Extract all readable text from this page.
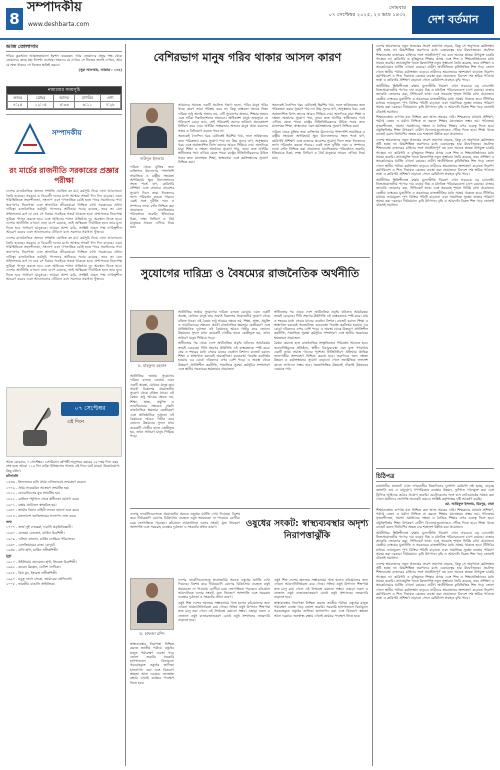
8
সম্পাদকীয়
www.deshbarta.com
সোমবার
০৭ সেপ্টেম্বর ২০২৫, ২৩ ভাদ্র ১৪৩২	দেশ বর্তমান
আজ তোলাসাম

পবিত্র কুরআনে আল্লাহতায়ালা ইরশাদ করেছেন, আর তোমাদের প্রভুর পক্ষ থেকে তোমাদের কাছে মহা নিদর্শন এসেছে। অতএব যে দেখবে সে নিজের জন্যই দেখবে, আর যে অন্ধ থাকবে সে নিজের ক্ষতিই করবে।

(সূরা আনআম, আয়াত : ১০৪)

নামাজের সময়সূচি
ফজর	যোহর	আসর	মাগরিব	এশা
৪:২৫	১২:০৫	৪:৩৩	৬:১১	৭:২৮
সম্পাদকীয়
রং মার্চের রাজনীতি সরকারের প্রজ্ঞার পরীক্ষা

দেশের রাজনৈতিক অঙ্গনে সম্প্রতি ঘোষিত রং মার্চ কর্মসূচি নিয়ে নানা আলোচনা তৈরি হয়েছে। সরকার ও বিরোধী দলের মধ্যে আস্থার সংকট দিন দিন বাড়ছে। এমন পরিস্থিতিতে সহনশীলতা, সংলাপ এবং গণতান্ত্রিক চর্চাই হতে পারে সমাধানের পথ। জনগণের নিরাপত্তা এবং স্বাভাবিক জীবনযাত্রা নিশ্চিত রাখা সরকারের প্রধান দায়িত্ব। রাজনৈতিক কর্মসূচি পালনের অধিকার সবার রয়েছে, তবে তা যেন সহিংসতায় রূপ না নেয় সে বিষয়ে সবাইকে সতর্ক থাকতে হবে। প্রশাসনকে নিরপেক্ষ ভূমিকা পালন করতে হবে এবং আইনের শাসন প্রতিষ্ঠায় দৃঢ় অবস্থান নিতে হবে। দেশের অর্থনীতি এখনো নানা চাপে রয়েছে, তাই অস্থিরতা দীর্ঘায়িত হলে তার মূল্য দিতে হবে সাধারণ মানুষকে। আমরা আশা করি, সংশ্লিষ্ট সকল পক্ষ দায়িত্বশীল আচরণ করবে এবং আলোচনার টেবিলে বসে সমস্যার সমাধান খুঁজবে।

দেশের রাজনৈতিক অঙ্গনে সম্প্রতি ঘোষিত রং মার্চ কর্মসূচি নিয়ে নানা আলোচনা তৈরি হয়েছে। সরকার ও বিরোধী দলের মধ্যে আস্থার সংকট দিন দিন বাড়ছে। এমন পরিস্থিতিতে সহনশীলতা, সংলাপ এবং গণতান্ত্রিক চর্চাই হতে পারে সমাধানের পথ। জনগণের নিরাপত্তা এবং স্বাভাবিক জীবনযাত্রা নিশ্চিত রাখা সরকারের প্রধান দায়িত্ব। রাজনৈতিক কর্মসূচি পালনের অধিকার সবার রয়েছে, তবে তা যেন সহিংসতায় রূপ না নেয় সে বিষয়ে সবাইকে সতর্ক থাকতে হবে। প্রশাসনকে নিরপেক্ষ ভূমিকা পালন করতে হবে এবং আইনের শাসন প্রতিষ্ঠায় দৃঢ় অবস্থান নিতে হবে। দেশের অর্থনীতি এখনো নানা চাপে রয়েছে, তাই অস্থিরতা দীর্ঘায়িত হলে তার মূল্য দিতে হবে সাধারণ মানুষকে। আমরা আশা করি, সংশ্লিষ্ট সকল পক্ষ দায়িত্বশীল আচরণ করবে এবং আলোচনার টেবিলে বসে সমস্যার সমাধান খুঁজবে।

০৭ সেপ্টেম্বর
এই দিনে

আজ রোববার, ৭ সেপ্টেম্বর। গ্রেগরিয়ান বর্ষপঞ্জী অনুসারে বছরের ২৫০তম দিন। বছর শেষ হতে আরো ১১৫ দিন বাকি। ইতিহাসের পাতায় এই দিনে ঘটে যাওয়া উল্লেখযোগ্য কিছু ঘটনা।

ঘটনাবলি

১৫৩৩ - ইংল্যান্ডের রানি প্রথম এলিজাবেথ জন্মগ্রহণ করেন।

১৭৭৬ - প্রথম সাবমেরিন আক্রমণ সংঘটিত হয়।

১৮১২ - বোরোডিনোর যুদ্ধ সংঘটিত হয়।

১৮২২ - ব্রাজিল পর্তুগাল থেকে স্বাধীনতা ঘোষণা করে।

১৯০১ - বক্সার প্রটোকল স্বাক্ষরিত হয়।

১৯৪০ - জার্মান বিমান বাহিনী লন্ডনে হামলা শুরু করে।

১৯৭৪ - বাংলাদেশ জাতিসংঘের সদস্যপদ লাভ করে।

জন্ম

১৭০৭ - জর্জ লুই লেক্লের্ক, ফরাসি প্রকৃতিবিজ্ঞানী।

১৮৬০ - গ্র্যান্ডমা মোজেস, মার্কিন চিত্রশিল্পী।

১৯০৯ - এলিয়া কাজান, মার্কিন চলচ্চিত্র পরিচালক।

১৯৩০ - বেলজিয়ামের রাজা বোদুয়াঁ।

১৯৩৬ - বাডি হলি, মার্কিন সঙ্গীতশিল্পী।

মৃত্যু

১৯১০ - উইলিয়াম হোলম্যান হান্ট, ইংরেজ চিত্রশিল্পী।

১৯৬২ - কারেন ব্লিক্সেন, ডেনিশ লেখিকা।

১৯৭৮ - কিথ মুন, ইংরেজ সঙ্গীতশিল্পী।

১৯৯৭ - মবুতু সেসে সেকো, জায়ারের প্রেসিডেন্ট।

২০০৮ - ভারতীয় বাঙালি সাহিত্যিক।

বেশিরভাগ মানুষ গরিব থাকার আসল কারণ
দাউদুল ইসলাম

আমাদের সমাজে একটি প্রচলিত ধারণা হলো, গরিব মানুষ গরিব থাকে কারণ তারা পরিশ্রম করে না। কিন্তু বাস্তবতা অনেক ভিন্ন। দারিদ্র্য শুধু অর্থের অভাব নয়, এটি সুযোগের অভাব, শিক্ষার অভাব এবং সঠিক দিকনির্দেশনার অভাবও। অধিকাংশ মানুষ জন্মসূত্রে যে পরিবেশে বেড়ে ওঠে, সেই পরিবেশই তাদের ভবিষ্যৎ অনেকাংশে নির্ধারণ করে দেয়। আর্থিক সাক্ষরতার অভাবে মানুষ আয় করলেও সঞ্চয় ও বিনিয়োগ করতে পারে না।

অনেকেই দৈনন্দিন খরচ মেটাতেই হিমশিম খায়, ফলে ভবিষ্যতের জন্য পরিকল্পনা করার সুযোগ পায় না। উচ্চ সুদের ঋণ, অসুস্থতার খরচ এবং অপ্রত্যাশিত বিপদ তাদের আরও পিছিয়ে দেয়। অন্যদিকে যারা শিক্ষা ও দক্ষতা অর্জনের সুযোগ পায়, তারা দ্রুত আর্থিক স্বাধীনতার পথে এগিয়ে যেতে পারে। রাষ্ট্রের নীতিনির্ধারকদের উচিত সবার জন্য মানসম্মত শিক্ষা, স্বাস্থ্যসেবা এবং কর্মসংস্থানের সুযোগ নিশ্চিত করা।

দারিদ্র্য থেকে মুক্তির জন্য ব্যক্তিগত উদ্যোগের পাশাপাশি সামাজিক ও রাষ্ট্রীয় সহায়তা অপরিহার্য। ক্ষুদ্র উদ্যোক্তাদের সহজ শর্তে ঋণ, কারিগরি প্রশিক্ষণ এবং বাজারে প্রবেশের সুযোগ দিলে তারা নিজেদের ভাগ্য পরিবর্তন করতে পারবে। একই সঙ্গে দুর্নীতি দমন ও সম্পদের ন্যায্য বণ্টন নিশ্চিত করা প্রয়োজন। মানসিকতার পরিবর্তনও জরুরি; ইতিবাচক চিন্তা, লক্ষ্য নির্ধারণ ও ধৈর্য মানুষকে সামনে এগিয়ে নিয়ে যায়।

অনেকেই দৈনন্দিন খরচ মেটাতেই হিমশিম খায়, ফলে ভবিষ্যতের জন্য পরিকল্পনা করার সুযোগ পায় না। উচ্চ সুদের ঋণ, অসুস্থতার খরচ এবং অপ্রত্যাশিত বিপদ তাদের আরও পিছিয়ে দেয়। অন্যদিকে যারা শিক্ষা ও দক্ষতা অর্জনের সুযোগ পায়, তারা দ্রুত আর্থিক স্বাধীনতার পথে এগিয়ে যেতে পারে। রাষ্ট্রের নীতিনির্ধারকদের উচিত সবার জন্য মানসম্মত শিক্ষা, স্বাস্থ্যসেবা এবং কর্মসংস্থানের সুযোগ নিশ্চিত করা।

দারিদ্র্য থেকে মুক্তির জন্য ব্যক্তিগত উদ্যোগের পাশাপাশি সামাজিক ও রাষ্ট্রীয় সহায়তা অপরিহার্য। ক্ষুদ্র উদ্যোক্তাদের সহজ শর্তে ঋণ, কারিগরি প্রশিক্ষণ এবং বাজারে প্রবেশের সুযোগ দিলে তারা নিজেদের ভাগ্য পরিবর্তন করতে পারবে। একই সঙ্গে দুর্নীতি দমন ও সম্পদের ন্যায্য বণ্টন নিশ্চিত করা প্রয়োজন। মানসিকতার পরিবর্তনও জরুরি; ইতিবাচক চিন্তা, লক্ষ্য নির্ধারণ ও ধৈর্য মানুষকে সামনে এগিয়ে নিয়ে যায়।

সুযোগের দারিদ্র্য ও বৈষম্যের রাজনৈতিক অর্থনীতি
ড. মাহফুজ রহমান

অর্থনীতির ভাষায় সুযোগের দারিদ্র্য বলতে বোঝায় এমন একটি অবস্থা, যেখানে মানুষ তার সামর্থ্য বিকাশের প্রয়োজনীয় সুযোগ থেকে বঞ্চিত থাকে। এই বৈষম্য শুধু আয়ের ক্ষেত্রে নয়, শিক্ষা, স্বাস্থ্য, প্রযুক্তি ও ন্যায়বিচারের ক্ষেত্রেও প্রকট। রাজনৈতিক ক্ষমতার কেন্দ্রীকরণ এবং প্রাতিষ্ঠানিক দুর্বলতা এই বৈষম্যকে আরও গভীর করে তোলে। উন্নয়নের সুফল যখন কয়েকটি গোষ্ঠীর হাতে কেন্দ্রীভূত হয়, তখন সাধারণ মানুষ পিছিয়ে পড়ে।

অর্থনীতির ভাষায় সুযোগের দারিদ্র্য বলতে বোঝায় এমন একটি অবস্থা, যেখানে মানুষ তার সামর্থ্য বিকাশের প্রয়োজনীয় সুযোগ থেকে বঞ্চিত থাকে। এই বৈষম্য শুধু আয়ের ক্ষেত্রে নয়, শিক্ষা, স্বাস্থ্য, প্রযুক্তি ও ন্যায়বিচারের ক্ষেত্রেও প্রকট। রাজনৈতিক ক্ষমতার কেন্দ্রীকরণ এবং প্রাতিষ্ঠানিক দুর্বলতা এই বৈষম্যকে আরও গভীর করে তোলে। উন্নয়নের সুফল যখন কয়েকটি গোষ্ঠীর হাতে কেন্দ্রীভূত হয়, তখন সাধারণ মানুষ পিছিয়ে পড়ে।

স্বাধীনতার পর থেকে দেশে অর্থনৈতিক প্রবৃদ্ধি ঘটলেও আয়বৈষম্য ক্রমেই বেড়েছে। গিনি সহগের ঊর্ধ্বগতি এই বাস্তবতাকে স্পষ্ট করে। গ্রাম ও শহরের মধ্যে সেবার মানের ব্যবধান বিশাল। বাজেট বরাদ্দে শিক্ষা ও স্বাস্থ্যখাত বরাবরই অবহেলিত। করব্যবস্থা পরোক্ষ করনির্ভর হওয়ায় এর বোঝা দরিদ্রদের ওপর বেশি পড়ে। এ অবস্থা থেকে উত্তরণে প্রগতিশীল করনীতি, সামাজিক সুরক্ষা কর্মসূচির সম্প্রসারণ এবং স্থানীয় সরকারের ক্ষমতায়ন প্রয়োজন।

স্বাধীনতার পর থেকে দেশে অর্থনৈতিক প্রবৃদ্ধি ঘটলেও আয়বৈষম্য ক্রমেই বেড়েছে। গিনি সহগের ঊর্ধ্বগতি এই বাস্তবতাকে স্পষ্ট করে। গ্রাম ও শহরের মধ্যে সেবার মানের ব্যবধান বিশাল। বাজেট বরাদ্দে শিক্ষা ও স্বাস্থ্যখাত বরাবরই অবহেলিত। করব্যবস্থা পরোক্ষ করনির্ভর হওয়ায় এর বোঝা দরিদ্রদের ওপর বেশি পড়ে। এ অবস্থা থেকে উত্তরণে প্রগতিশীল করনীতি, সামাজিক সুরক্ষা কর্মসূচির সম্প্রসারণ এবং স্থানীয় সরকারের ক্ষমতায়ন প্রয়োজন।

বৈষম্য কমাতে হলে রাজনৈতিক সংস্কৃতিতেও পরিবর্তন আনতে হবে। জবাবদিহিমূলক প্রতিষ্ঠান, স্বাধীন বিচারব্যবস্থা এবং মুক্ত গণমাধ্যম একটি ন্যায্য সমাজ গঠনের পূর্বশর্ত। নীতিনির্ধারণ প্রক্রিয়ায় প্রান্তিক জনগোষ্ঠীর অংশগ্রহণ নিশ্চিত করতে হবে। তরুণদের জন্য দক্ষতা উন্নয়ন ও কর্মসংস্থানের সুযোগ বাড়ানো গেলে জনমিতিক লভ্যাংশ কাজে লাগানো সম্ভব হবে। সমতাভিত্তিক উন্নয়নই টেকসই উন্নয়নের একমাত্র পথ।

দেশের ফার্মেসিগুলোতে প্রয়োজনীয় অনেক ওষুধের ঘাটতি দেখা দিয়েছে। বিশেষ করে দীর্ঘমেয়াদি রোগের চিকিৎসায় ব্যবহৃত ওষুধ সময়মতো না পাওয়ায় রোগীরা চরম ভোগান্তিতে পড়ছেন। কাঁচামাল আমদানিতে ডলার সংকট, মূল্য নিয়ন্ত্রণে অসংগতি এবং সরবরাহ ব্যবস্থার দুর্বলতা এ সংকটের প্রধান কারণ।	ওষুধের সংকট: স্বাস্থ্যব্যবস্থার অদৃশ্য নিরাপত্তাঝুঁকি
ড. হাফজা রশিদ

স্বাস্থ্যব্যবস্থার নিরাপত্তা নিশ্চিত করতে জাতীয় পর্যায়ে ওষুধের মজুত পর্যবেক্ষণ ব্যবস্থা গড়ে তোলা জরুরি। সরকারি হাসপাতালে বিনামূল্যে সরবরাহকৃত ওষুধের তালিকা হালনাগাদ করা এবং বিতরণে স্বচ্ছতা আনা দরকার। জনস্বাস্থ্য রক্ষায় এখনই কার্যকর পদক্ষেপ নিতে হবে।

দেশের ফার্মেসিগুলোতে প্রয়োজনীয় অনেক ওষুধের ঘাটতি দেখা দিয়েছে। বিশেষ করে দীর্ঘমেয়াদি রোগের চিকিৎসায় ব্যবহৃত ওষুধ সময়মতো না পাওয়ায় রোগীরা চরম ভোগান্তিতে পড়ছেন। কাঁচামাল আমদানিতে ডলার সংকট, মূল্য নিয়ন্ত্রণে অসংগতি এবং সরবরাহ ব্যবস্থার দুর্বলতা এ সংকটের প্রধান কারণ।

ওষুধ শিল্প দেশের অন্যতম সম্ভাবনাময় খাত হলেও কাঁচামালের জন্য এখনো আমদানিনির্ভরতা রয়ে গেছে। সক্রিয় ওষুধ উপাদান শিল্পপার্ক দ্রুত চালু করা গেলে এই নির্ভরতা কমানো সম্ভব। এছাড়া নকল ও ভেজাল ওষুধ বাজারজাতকরণ রোধে ওষুধ প্রশাসনের নজরদারি বাড়াতে হবে।

ওষুধ শিল্প দেশের অন্যতম সম্ভাবনাময় খাত হলেও কাঁচামালের জন্য এখনো আমদানিনির্ভরতা রয়ে গেছে। সক্রিয় ওষুধ উপাদান শিল্পপার্ক দ্রুত চালু করা গেলে এই নির্ভরতা কমানো সম্ভব। এছাড়া নকল ও ভেজাল ওষুধ বাজারজাতকরণ রোধে ওষুধ প্রশাসনের নজরদারি বাড়াতে হবে।

স্বাস্থ্যব্যবস্থার নিরাপত্তা নিশ্চিত করতে জাতীয় পর্যায়ে ওষুধের মজুত পর্যবেক্ষণ ব্যবস্থা গড়ে তোলা জরুরি। সরকারি হাসপাতালে বিনামূল্যে সরবরাহকৃত ওষুধের তালিকা হালনাগাদ করা এবং বিতরণে স্বচ্ছতা আনা দরকার। জনস্বাস্থ্য রক্ষায় এখনই কার্যকর পদক্ষেপ নিতে হবে।

দেশের শ্রমবাজারে নতুন প্রজন্মের প্রবেশ ক্রমাগত বাড়ছে, কিন্তু সে অনুপাতে কর্মসংস্থান সৃষ্টি হচ্ছে না। উচ্চশিক্ষিত তরুণদের মধ্যে বেকারত্বের হার উদ্বেগজনক। প্রচলিত শিক্ষাব্যবস্থা বাজারের চাহিদার সঙ্গে সামঞ্জস্যপূর্ণ নয় বলে অনেক স্নাতক উপযুক্ত চাকরি পাচ্ছেন না। কারিগরি ও বৃত্তিমূলক শিক্ষার প্রসার এবং শিল্প ও শিক্ষাপ্রতিষ্ঠানের মধ্যে সমন্বয় জরুরি। তথ্যপ্রযুক্তি খাতে ফ্রিল্যান্সিং নতুন সম্ভাবনা তৈরি করেছে, তবে প্রশিক্ষণ ও অবকাঠামোর ঘাটতি এখনো রয়েছে। গ্রামীণ অর্থনীতিতে কৃষিভিত্তিক শিল্প গড়ে তোলা গেলে স্থানীয় পর্যায়ে কর্মসংস্থান বাড়বে। নারীদের শ্রমবাজারে অংশগ্রহণ বাড়াতে নিরাপদ কর্মপরিবেশ ও শিশু দিবাযত্ন কেন্দ্রের ব্যবস্থা করা প্রয়োজন। বিদেশে দক্ষ শ্রমিক পাঠাতে ভাষা ও কারিগরি প্রশিক্ষণ বাড়ানো গেলে রেমিট্যান্স প্রবাহও বৃদ্ধি পাবে।

অর্থনীতির স্থিতিশীলতা রক্ষায় মূল্যস্ফীতি নিয়ন্ত্রণ এখন সবচেয়ে বড় চ্যালেঞ্জ। নিত্যপ্রয়োজনীয় পণ্যের দাম বাড়ায় নিম্ন ও মধ্যবিত্ত পরিবারগুলো চাপে রয়েছে। বাজার তদারকি জোরদার করা, সিন্ডিকেট ভাঙা এবং সরবরাহ শৃঙ্খল নির্বিঘ্ন রাখা প্রয়োজন। কেন্দ্রীয় ব্যাংকের মুদ্রানীতি ও সরকারের রাজস্বনীতির মধ্যে সমন্বয় থাকতে হবে। টিসিবির মাধ্যমে ন্যায্যমূল্যে পণ্য বিক্রির পরিধি বাড়ানো এবং সামাজিক সুরক্ষা ভাতার পরিমাণ সমন্বয় করা দরকার। দীর্ঘমেয়াদে কৃষি উৎপাদন বৃদ্ধি ও আমদানি বিকল্প শিল্প গড়ে তোলাই টেকসই সমাধান।

শিক্ষাব্যবস্থায় গুণগত মান নিশ্চিত করা আজ সময়ের দাবি। শিক্ষকদের যথাযথ প্রশিক্ষণ, পর্যাপ্ত বেতন ও মর্যাদা নিশ্চিত না করলে শিক্ষার মানোন্নয়ন সম্ভব নয়। পাঠ্যক্রমে সৃজনশীলতা, সমস্যা সমাধানের দক্ষতা ও নৈতিক শিক্ষার ওপর গুরুত্ব দিতে হবে। প্রযুক্তিনির্ভর শিক্ষা উপকরণ গ্রামীণ বিদ্যালয়গুলোতেও পৌঁছে দিতে হবে। শিক্ষা খাতে বাজেট বরাদ্দ জিডিপির অন্তত চার শতাংশে উন্নীত করা প্রয়োজন।

দেশের শ্রমবাজারে নতুন প্রজন্মের প্রবেশ ক্রমাগত বাড়ছে, কিন্তু সে অনুপাতে কর্মসংস্থান সৃষ্টি হচ্ছে না। উচ্চশিক্ষিত তরুণদের মধ্যে বেকারত্বের হার উদ্বেগজনক। প্রচলিত শিক্ষাব্যবস্থা বাজারের চাহিদার সঙ্গে সামঞ্জস্যপূর্ণ নয় বলে অনেক স্নাতক উপযুক্ত চাকরি পাচ্ছেন না। কারিগরি ও বৃত্তিমূলক শিক্ষার প্রসার এবং শিল্প ও শিক্ষাপ্রতিষ্ঠানের মধ্যে সমন্বয় জরুরি। তথ্যপ্রযুক্তি খাতে ফ্রিল্যান্সিং নতুন সম্ভাবনা তৈরি করেছে, তবে প্রশিক্ষণ ও অবকাঠামোর ঘাটতি এখনো রয়েছে। গ্রামীণ অর্থনীতিতে কৃষিভিত্তিক শিল্প গড়ে তোলা গেলে স্থানীয় পর্যায়ে কর্মসংস্থান বাড়বে। নারীদের শ্রমবাজারে অংশগ্রহণ বাড়াতে নিরাপদ কর্মপরিবেশ ও শিশু দিবাযত্ন কেন্দ্রের ব্যবস্থা করা প্রয়োজন। বিদেশে দক্ষ শ্রমিক পাঠাতে ভাষা ও কারিগরি প্রশিক্ষণ বাড়ানো গেলে রেমিট্যান্স প্রবাহও বৃদ্ধি পাবে।

অর্থনীতির স্থিতিশীলতা রক্ষায় মূল্যস্ফীতি নিয়ন্ত্রণ এখন সবচেয়ে বড় চ্যালেঞ্জ। নিত্যপ্রয়োজনীয় পণ্যের দাম বাড়ায় নিম্ন ও মধ্যবিত্ত পরিবারগুলো চাপে রয়েছে। বাজার তদারকি জোরদার করা, সিন্ডিকেট ভাঙা এবং সরবরাহ শৃঙ্খল নির্বিঘ্ন রাখা প্রয়োজন। কেন্দ্রীয় ব্যাংকের মুদ্রানীতি ও সরকারের রাজস্বনীতির মধ্যে সমন্বয় থাকতে হবে। টিসিবির মাধ্যমে ন্যায্যমূল্যে পণ্য বিক্রির পরিধি বাড়ানো এবং সামাজিক সুরক্ষা ভাতার পরিমাণ সমন্বয় করা দরকার। দীর্ঘমেয়াদে কৃষি উৎপাদন বৃদ্ধি ও আমদানি বিকল্প শিল্প গড়ে তোলাই টেকসই সমাধান।

চিঠিপত্র

রাজধানীর যানজট এখন নগরবাসীর নিত্যদিনের দুর্ভোগ। কর্মঘণ্টা নষ্ট হচ্ছে, বাড়ছে জ্বালানি ব্যয় ও বায়ুদূষণ। গণপরিবহন ব্যবস্থার উন্নয়ন, ফুটপাত দখলমুক্ত করা এবং ট্রাফিক আইনের কঠোর প্রয়োগ জরুরি। মেট্রোরেলের সঙ্গে বাস নেটওয়ার্কের সমন্বয় করা গেলে যাত্রীদের ভোগান্তি অনেকটা কমবে। সংশ্লিষ্ট কর্তৃপক্ষের দৃষ্টি আকর্ষণ করছি।

মো. আরিফুল ইসলাম, মিরপুর, ঢাকা

শিক্ষাব্যবস্থায় গুণগত মান নিশ্চিত করা আজ সময়ের দাবি। শিক্ষকদের যথাযথ প্রশিক্ষণ, পর্যাপ্ত বেতন ও মর্যাদা নিশ্চিত না করলে শিক্ষার মানোন্নয়ন সম্ভব নয়। পাঠ্যক্রমে সৃজনশীলতা, সমস্যা সমাধানের দক্ষতা ও নৈতিক শিক্ষার ওপর গুরুত্ব দিতে হবে। প্রযুক্তিনির্ভর শিক্ষা উপকরণ গ্রামীণ বিদ্যালয়গুলোতেও পৌঁছে দিতে হবে। শিক্ষা খাতে বাজেট বরাদ্দ জিডিপির অন্তত চার শতাংশে উন্নীত করা প্রয়োজন।

অর্থনীতির স্থিতিশীলতা রক্ষায় মূল্যস্ফীতি নিয়ন্ত্রণ এখন সবচেয়ে বড় চ্যালেঞ্জ। নিত্যপ্রয়োজনীয় পণ্যের দাম বাড়ায় নিম্ন ও মধ্যবিত্ত পরিবারগুলো চাপে রয়েছে। বাজার তদারকি জোরদার করা, সিন্ডিকেট ভাঙা এবং সরবরাহ শৃঙ্খল নির্বিঘ্ন রাখা প্রয়োজন। কেন্দ্রীয় ব্যাংকের মুদ্রানীতি ও সরকারের রাজস্বনীতির মধ্যে সমন্বয় থাকতে হবে। টিসিবির মাধ্যমে ন্যায্যমূল্যে পণ্য বিক্রির পরিধি বাড়ানো এবং সামাজিক সুরক্ষা ভাতার পরিমাণ সমন্বয় করা দরকার। দীর্ঘমেয়াদে কৃষি উৎপাদন বৃদ্ধি ও আমদানি বিকল্প শিল্প গড়ে তোলাই টেকসই সমাধান।

দেশের শ্রমবাজারে নতুন প্রজন্মের প্রবেশ ক্রমাগত বাড়ছে, কিন্তু সে অনুপাতে কর্মসংস্থান সৃষ্টি হচ্ছে না। উচ্চশিক্ষিত তরুণদের মধ্যে বেকারত্বের হার উদ্বেগজনক। প্রচলিত শিক্ষাব্যবস্থা বাজারের চাহিদার সঙ্গে সামঞ্জস্যপূর্ণ নয় বলে অনেক স্নাতক উপযুক্ত চাকরি পাচ্ছেন না। কারিগরি ও বৃত্তিমূলক শিক্ষার প্রসার এবং শিল্প ও শিক্ষাপ্রতিষ্ঠানের মধ্যে সমন্বয় জরুরি। তথ্যপ্রযুক্তি খাতে ফ্রিল্যান্সিং নতুন সম্ভাবনা তৈরি করেছে, তবে প্রশিক্ষণ ও অবকাঠামোর ঘাটতি এখনো রয়েছে। গ্রামীণ অর্থনীতিতে কৃষিভিত্তিক শিল্প গড়ে তোলা গেলে স্থানীয় পর্যায়ে কর্মসংস্থান বাড়বে। নারীদের শ্রমবাজারে অংশগ্রহণ বাড়াতে নিরাপদ কর্মপরিবেশ ও শিশু দিবাযত্ন কেন্দ্রের ব্যবস্থা করা প্রয়োজন। বিদেশে দক্ষ শ্রমিক পাঠাতে ভাষা ও কারিগরি প্রশিক্ষণ বাড়ানো গেলে রেমিট্যান্স প্রবাহও বৃদ্ধি পাবে।
